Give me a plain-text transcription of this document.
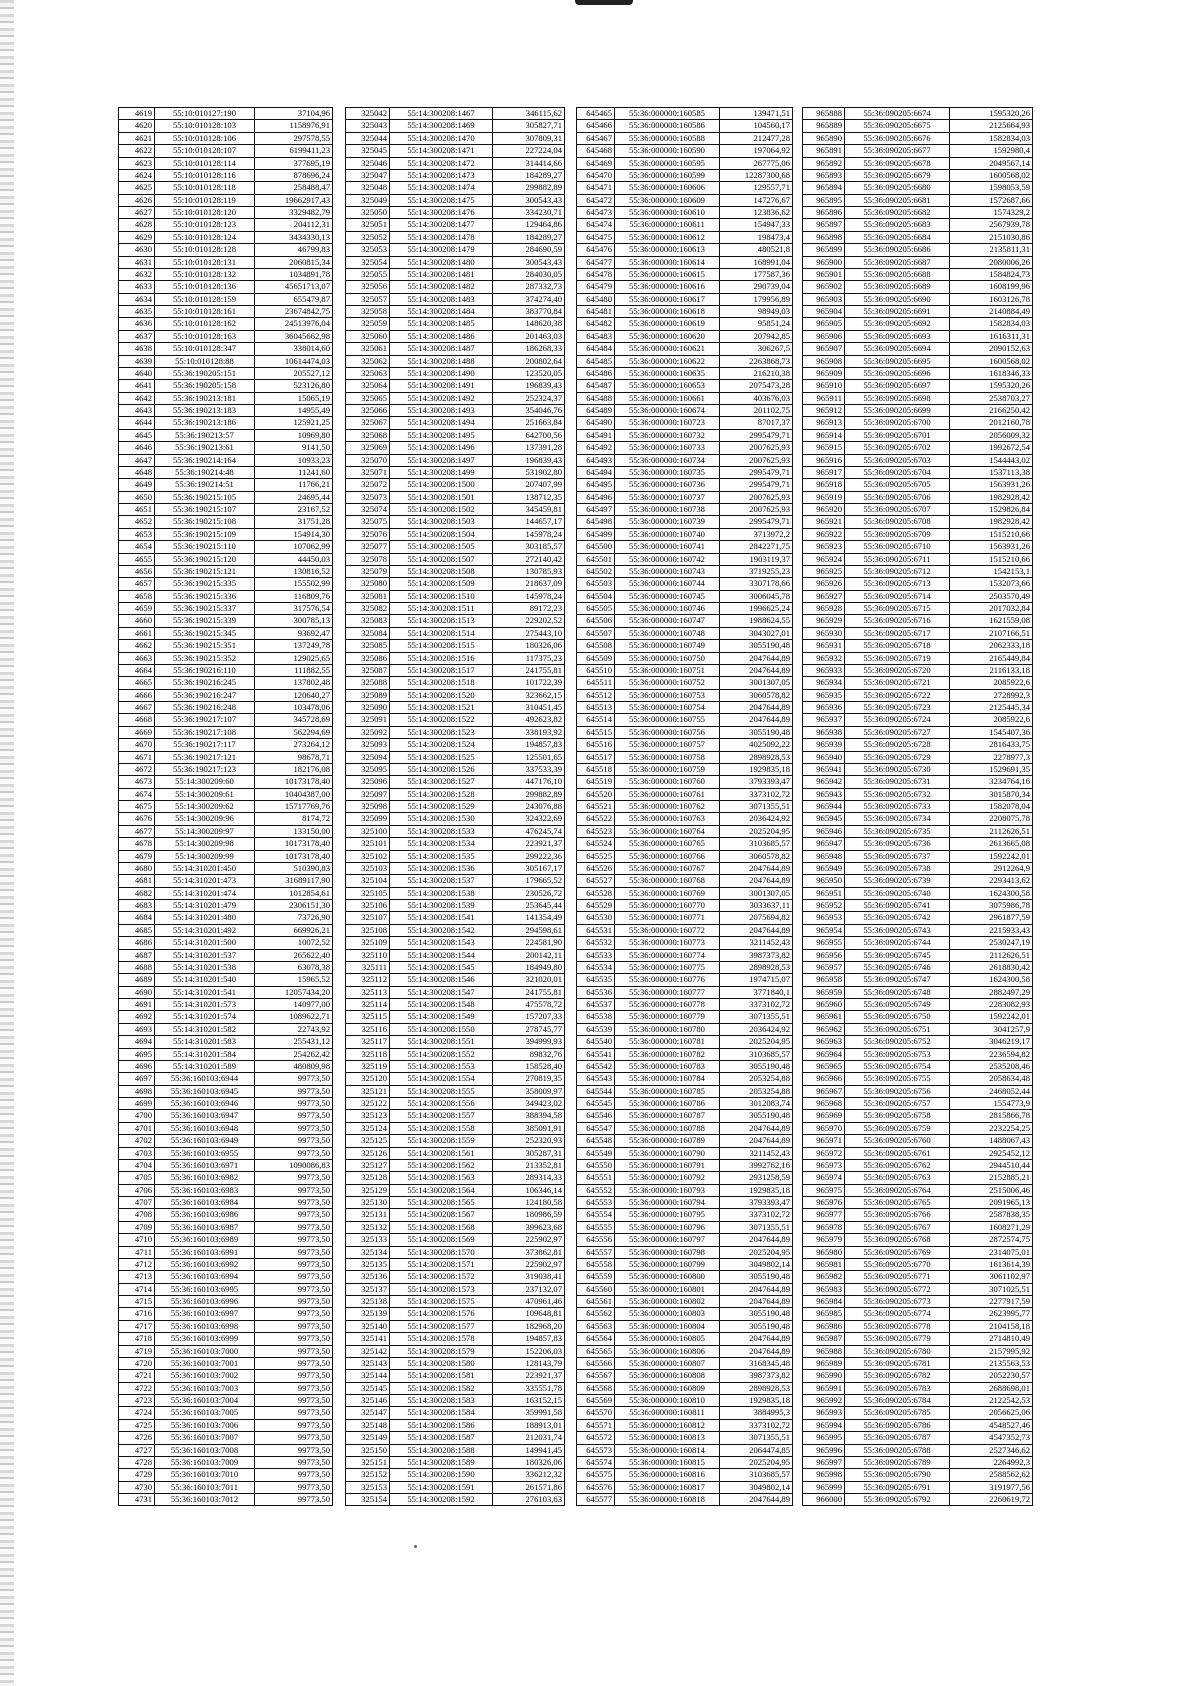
4619	55:10:010127:190	37104,96
4620	55:10:010128:103	1158976,91
4621	55:10:010128:106	297578,55
4622	55:10:010128:107	6199411,23
4623	55:10:010128:114	377695,19
4624	55:10:010128:116	878696,24
4625	55:10:010128:118	258488,47
4626	55:10:010128:119	19662917,43
4627	55:10:010128:120	3329482,79
4628	55:10:010128:123	204112,31
4629	55:10:010128:124	3434330,13
4630	55:10:010128:128	46799,83
4631	55:10:010128:131	2060815,34
4632	55:10:010128:132	1034891,78
4633	55:10:010128:136	45651713,07
4634	55:10:010128:159	655479,87
4635	55:10:010128:161	23674842,75
4636	55:10:010128:162	24513976,04
4637	55:10:010128:163	36045662,98
4638	55:10:010128:347	338014,60
4639	55:10:010128:88	10614474,03
4640	55:36:190205:151	205527,12
4641	55:36:190205:158	523126,80
4642	55:36:190213:181	15065,19
4643	55:36:190213:183	14955,49
4644	55:36:190213:186	125921,25
4645	55:36:190213:57	10969,80
4646	55:36:190213:61	9141,50
4647	55:36:190214:164	10933,23
4648	55:36:190214:48	11241,60
4649	55:36:190214:51	11766,21
4650	55:36:190215:105	24695,44
4651	55:36:190215:107	23167,52
4652	55:36:190215:108	31751,28
4653	55:36:190215:109	154914,30
4654	55:36:190215:110	107062,99
4655	55:36:190215:120	44450,03
4656	55:36:190215:121	130816,52
4657	55:36:190215:335	155502,99
4658	55:36:190215:336	116809,76
4659	55:36:190215:337	317576,54
4660	55:36:190215:339	300785,13
4661	55:36:190215:345	93692,47
4662	55:36:190215:351	137249,78
4663	55:36:190215:352	129025,65
4664	55:36:190216:110	111882,55
4665	55:36:190216:245	137802,48
4666	55:36:190216:247	120640,27
4667	55:36:190216:248	103478,06
4668	55:36:190217:107	345728,69
4669	55:36:190217:108	562294,69
4670	55:36:190217:117	273264,12
4671	55:36:190217:121	98678,71
4672	55:36:190217:123	182176,08
4673	55:14:300209:60	10173178,40
4674	55:14:300209:61	10404387,00
4675	55:14:300209:62	15717769,76
4676	55:14:300209:96	8174,72
4677	55:14:300209:97	133150,00
4678	55:14:300209:98	10173178,40
4679	55:14:300209:99	10173178,40
4680	55:14:310201:450	510390,83
4681	55:14:310201:473	31689117,90
4682	55:14:310201:474	1012854,61
4683	55:14:310201:479	2306151,30
4684	55:14:310201:480	73726,90
4685	55:14:310201:492	669926,21
4686	55:14:310201:500	10072,52
4687	55:14:310201:537	265622,40
4688	55:14:310201:538	63078,38
4689	55:14:310201:540	15965,52
4690	55:14:310201:541	12057434,20
4691	55:14:310201:573	140977,00
4692	55:14:310201:574	1089622,71
4693	55:14:310201:582	22743,92
4694	55:14:310201:583	255431,12
4695	55:14:310201:584	254262,42
4696	55:14:310201:589	480809,98
4697	55:36:160103:6944	99773,50
4698	55:36:160103:6945	99773,50
4699	55:36:160103:6946	99773,50
4700	55:36:160103:6947	99773,50
4701	55:36:160103:6948	99773,50
4702	55:36:160103:6949	99773,50
4703	55:36:160103:6955	99773,50
4704	55:36:160103:6971	1090086,83
4705	55:36:160103:6982	99773,50
4706	55:36:160103:6983	99773,50
4707	55:36:160103:6984	99773,50
4708	55:36:160103:6986	99773,50
4709	55:36:160103:6987	99773,50
4710	55:36:160103:6989	99773,50
4711	55:36:160103:6991	99773,50
4712	55:36:160103:6992	99773,50
4713	55:36:160103:6994	99773,50
4714	55:36:160103:6995	99773,50
4715	55:36:160103:6996	99773,50
4716	55:36:160103:6997	99773,50
4717	55:36:160103:6998	99773,50
4718	55:36:160103:6999	99773,50
4719	55:36:160103:7000	99773,50
4720	55:36:160103:7001	99773,50
4721	55:36:160103:7002	99773,50
4722	55:36:160103:7003	99773,50
4723	55:36:160103:7004	99773,50
4724	55:36:160103:7005	99773,50
4725	55:36:160103:7006	99773,50
4726	55:36:160103:7007	99773,50
4727	55:36:160103:7008	99773,50
4728	55:36:160103:7009	99773,50
4729	55:36:160103:7010	99773,50
4730	55:36:160103:7011	99773,50
4731	55:36:160103:7012	99773,50
325042	55:14:300208:1467	346115,62
325043	55:14:300208:1469	305827,71
325044	55:14:300208:1470	307809,31
325045	55:14:300208:1471	227224,04
325046	55:14:300208:1472	314414,66
325047	55:14:300208:1473	184289,27
325048	55:14:300208:1474	299882,89
325049	55:14:300208:1475	300543,43
325050	55:14:300208:1476	334230,71
325051	55:14:300208:1477	129464,86
325052	55:14:300208:1478	184289,27
325053	55:14:300208:1479	284690,59
325054	55:14:300208:1480	300543,43
325055	55:14:300208:1481	284030,05
325056	55:14:300208:1482	287332,73
325057	55:14:300208:1483	374274,40
325058	55:14:300208:1484	383770,84
325059	55:14:300208:1485	148620,38
325060	55:14:300208:1486	201463,03
325061	55:14:300208:1487	186268,33
325062	55:14:300208:1488	200802,64
325063	55:14:300208:1490	123520,05
325064	55:14:300208:1491	196839,43
325065	55:14:300208:1492	252324,37
325066	55:14:300208:1493	354046,76
325067	55:14:300208:1494	251663,84
325068	55:14:300208:1495	642700,56
325069	55:14:300208:1496	137391,28
325070	55:14:300208:1497	196839,43
325071	55:14:300208:1499	531902,80
325072	55:14:300208:1500	207407,99
325073	55:14:300208:1501	138712,35
325074	55:14:300208:1502	345459,81
325075	55:14:300208:1503	144657,17
325076	55:14:300208:1504	145978,24
325077	55:14:300208:1505	303185,57
325078	55:14:300208:1507	272140,42
325079	55:14:300208:1508	130785,93
325080	55:14:300208:1509	218637,09
325081	55:14:300208:1510	145978,24
325082	55:14:300208:1511	89172,23
325083	55:14:300208:1513	229202,52
325084	55:14:300208:1514	275443,10
325085	55:14:300208:1515	180326,06
325086	55:14:300208:1516	117375,23
325087	55:14:300208:1517	241755,81
325088	55:14:300208:1518	101722,39
325089	55:14:300208:1520	323662,15
325090	55:14:300208:1521	310451,45
325091	55:14:300208:1522	492623,82
325092	55:14:300208:1523	338193,92
325093	55:14:300208:1524	194857,83
325094	55:14:300208:1525	125501,65
325095	55:14:300208:1526	337533,39
325096	55:14:300208:1527	447176,10
325097	55:14:300208:1528	299882,89
325098	55:14:300208:1529	243076,88
325099	55:14:300208:1530	324322,69
325100	55:14:300208:1533	476245,74
325101	55:14:300208:1534	223921,37
325102	55:14:300208:1535	299222,36
325103	55:14:300208:1536	305167,17
325104	55:14:300208:1537	179665,52
325105	55:14:300208:1538	230526,72
325106	55:14:300208:1539	253645,44
325107	55:14:300208:1541	141354,49
325108	55:14:300208:1542	294598,61
325109	55:14:300208:1543	224581,90
325110	55:14:300208:1544	200142,11
325111	55:14:300208:1545	184949,80
325112	55:14:300208:1546	321020,01
325113	55:14:300208:1547	241755,81
325114	55:14:300208:1548	475578,72
325115	55:14:300208:1549	157207,33
325116	55:14:300208:1550	278745,77
325117	55:14:300208:1551	394999,93
325118	55:14:300208:1552	89832,76
325119	55:14:300208:1553	158528,40
325120	55:14:300208:1554	270819,35
325121	55:14:300208:1555	358009,97
325122	55:14:300208:1556	349423,02
325123	55:14:300208:1557	388394,58
325124	55:14:300208:1558	385091,91
325125	55:14:300208:1559	252320,93
325126	55:14:300208:1561	305287,31
325127	55:14:300208:1562	213352,81
325128	55:14:300208:1563	289314,33
325129	55:14:300208:1564	106346,14
325130	55:14:300208:1565	124180,58
325131	55:14:300208:1567	180986,59
325132	55:14:300208:1568	399623,68
325133	55:14:300208:1569	225902,97
325134	55:14:300208:1570	373862,81
325135	55:14:300208:1571	225902,97
325136	55:14:300208:1572	319038,41
325137	55:14:300208:1573	237132,07
325138	55:14:300208:1575	470961,46
325139	55:14:300208:1576	109648,81
325140	55:14:300208:1577	182968,20
325141	55:14:300208:1578	194857,83
325142	55:14:300208:1579	152206,03
325143	55:14:300208:1580	128143,79
325144	55:14:300208:1581	223921,37
325145	55:14:300208:1582	335551,78
325146	55:14:300208:1583	163152,15
325147	55:14:300208:1584	359991,58
325148	55:14:300208:1586	188913,01
325149	55:14:300208:1587	212031,74
325150	55:14:300208:1588	149941,45
325151	55:14:300208:1589	180326,06
325152	55:14:300208:1590	336212,32
325153	55:14:300208:1591	261571,86
325154	55:14:300208:1592	276103,63
645465	55:36:000000:160585	139471,51
645466	55:36:000000:160586	104560,17
645467	55:36:000000:160588	212477,28
645468	55:36:000000:160590	197064,92
645469	55:36:000000:160595	267775,06
645470	55:36:000000:160599	12287300,68
645471	55:36:000000:160606	129557,71
645472	55:36:000000:160609	147276,67
645473	55:36:000000:160610	123836,62
645474	55:36:000000:160611	154947,33
645475	55:36:000000:160612	198473,4
645476	55:36:000000:160613	480521,8
645477	55:36:000000:160614	168991,04
645478	55:36:000000:160615	177587,36
645479	55:36:000000:160616	290739,04
645480	55:36:000000:160617	179956,89
645481	55:36:000000:160618	98949,03
645482	55:36:000000:160619	95851,24
645483	55:36:000000:160620	207942,85
645484	55:36:000000:160621	306267,5
645485	55:36:000000:160622	2263868,73
645486	55:36:000000:160635	216210,38
645487	55:36:000000:160653	2075473,28
645488	55:36:000000:160661	403676,03
645489	55:36:000000:160674	201102,75
645490	55:36:000000:160723	87017,37
645491	55:36:000000:160732	2995479,71
645492	55:36:000000:160733	2007625,93
645493	55:36:000000:160734	2007625,93
645494	55:36:000000:160735	2995479,71
645495	55:36:000000:160736	2995479,71
645496	55:36:000000:160737	2007625,93
645497	55:36:000000:160738	2007625,93
645498	55:36:000000:160739	2995479,71
645499	55:36:000000:160740	3713972,2
645500	55:36:000000:160741	2842271,75
645501	55:36:000000:160742	1903119,37
645502	55:36:000000:160743	3719255,23
645503	55:36:000000:160744	3307178,66
645504	55:36:000000:160745	3006045,78
645505	55:36:000000:160746	1996625,24
645506	55:36:000000:160747	1988624,55
645507	55:36:000000:160748	3043027,01
645508	55:36:000000:160749	3055190,48
645509	55:36:000000:160750	2047644,89
645510	55:36:000000:160751	2047644,89
645511	55:36:000000:160752	3001307,05
645512	55:36:000000:160753	3060578,82
645513	55:36:000000:160754	2047644,89
645514	55:36:000000:160755	2047644,89
645515	55:36:000000:160756	3055190,48
645516	55:36:000000:160757	4025092,22
645517	55:36:000000:160758	2898928,53
645518	55:36:000000:160759	1929835,18
645519	55:36:000000:160760	3793393,47
645520	55:36:000000:160761	3373102,72
645521	55:36:000000:160762	3071355,51
645522	55:36:000000:160763	2036424,92
645523	55:36:000000:160764	2025204,95
645524	55:36:000000:160765	3103685,57
645525	55:36:000000:160766	3060578,82
645526	55:36:000000:160767	2047644,89
645527	55:36:000000:160768	2047644,89
645528	55:36:000000:160769	3001307,05
645529	55:36:000000:160770	3033637,11
645530	55:36:000000:160771	2075694,82
645531	55:36:000000:160772	2047644,89
645532	55:36:000000:160773	3211452,43
645533	55:36:000000:160774	3987373,82
645534	55:36:000000:160775	2898928,53
645535	55:36:000000:160776	1974715,07
645536	55:36:000000:160777	3771840,1
645537	55:36:000000:160778	3373102,72
645538	55:36:000000:160779	3071355,51
645539	55:36:000000:160780	2036424,92
645540	55:36:000000:160781	2025204,95
645541	55:36:000000:160782	3103685,57
645542	55:36:000000:160783	3055190,48
645543	55:36:000000:160784	2053254,88
645544	55:36:000000:160785	2053254,88
645545	55:36:000000:160786	3012083,74
645546	55:36:000000:160787	3055190,48
645547	55:36:000000:160788	2047644,89
645548	55:36:000000:160789	2047644,89
645549	55:36:000000:160790	3211452,43
645550	55:36:000000:160791	3992762,16
645551	55:36:000000:160792	2931258,59
645552	55:36:000000:160793	1929835,18
645553	55:36:000000:160794	3793393,47
645554	55:36:000000:160795	3373102,72
645555	55:36:000000:160796	3071355,51
645556	55:36:000000:160797	2047644,89
645557	55:36:000000:160798	2025204,95
645558	55:36:000000:160799	3049802,14
645559	55:36:000000:160800	3055190,48
645560	55:36:000000:160801	2047644,89
645561	55:36:000000:160802	2047644,89
645562	55:36:000000:160803	3055190,48
645563	55:36:000000:160804	3055190,48
645564	55:36:000000:160805	2047644,89
645565	55:36:000000:160806	2047644,89
645566	55:36:000000:160807	3168345,48
645567	55:36:000000:160808	3987373,82
645568	55:36:000000:160809	2898928,53
645569	55:36:000000:160810	1929835,18
645570	55:36:000000:160811	3884995,3
645571	55:36:000000:160812	3373102,72
645572	55:36:000000:160813	3071355,51
645573	55:36:000000:160814	2064474,85
645574	55:36:000000:160815	2025204,95
645575	55:36:000000:160816	3103685,57
645576	55:36:000000:160817	3049802,14
645577	55:36:000000:160818	2047644,89
965888	55:36:090205:6674	1595320,26
965889	55:36:090205:6675	2125664,93
965890	55:36:090205:6676	1582834,03
965891	55:36:090205:6677	1592980,4
965892	55:36:090205:6678	2049567,14
965893	55:36:090205:6679	1600568,02
965894	55:36:090205:6680	1598053,59
965895	55:36:090205:6681	1572687,66
965896	55:36:090205:6682	1574329,2
965897	55:36:090205:6683	2567939,78
965898	55:36:090205:6684	2151030,86
965899	55:36:090205:6686	2135811,31
965900	55:36:090205:6687	2080006,26
965901	55:36:090205:6688	1584824,73
965902	55:36:090205:6689	1608199,96
965903	55:36:090205:6690	1603126,78
965904	55:36:090205:6691	2140884,49
965905	55:36:090205:6692	1582834,03
965906	55:36:090205:6693	1616311,31
965907	55:36:090205:6694	2090152,63
965908	55:36:090205:6695	1600568,02
965909	55:36:090205:6696	1618346,33
965910	55:36:090205:6697	1595320,26
965911	55:36:090205:6698	2538703,27
965912	55:36:090205:6699	2166250,42
965913	55:36:090205:6700	2012160,78
965914	55:36:090205:6701	2056009,32
965915	55:36:090205:6702	1992672,54
965916	55:36:090205:6703	1544443,02
965917	55:36:090205:6704	1537113,38
965918	55:36:090205:6705	1563931,26
965919	55:36:090205:6706	1982928,42
965920	55:36:090205:6707	1529826,84
965921	55:36:090205:6708	1982928,42
965922	55:36:090205:6709	1515210,66
965923	55:36:090205:6710	1563931,26
965924	55:36:090205:6711	1515210,66
965925	55:36:090205:6712	1542153,1
965926	55:36:090205:6713	1532073,66
965927	55:36:090205:6714	2503570,49
965928	55:36:090205:6715	2017032,84
965929	55:36:090205:6716	1621559,08
965930	55:36:090205:6717	2107166,51
965931	55:36:090205:6718	2062333,18
965932	55:36:090205:6719	2165449,84
965933	55:36:090205:6720	2116133,18
965934	55:36:090205:6721	2085922,6
965935	55:36:090205:6722	2728992,3
965936	55:36:090205:6723	2125445,34
965937	55:36:090205:6724	2085922,6
965938	55:36:090205:6727	1545407,36
965939	55:36:090205:6728	2816433,75
965940	55:36:090205:6729	2278977,3
965941	55:36:090205:6730	1529691,35
965942	55:36:090205:6731	3234764,16
965943	55:36:090205:6732	3015870,34
965944	55:36:090205:6733	1582078,04
965945	55:36:090205:6734	2208075,78
965946	55:36:090205:6735	2112626,51
965947	55:36:090205:6736	2613665,08
965948	55:36:090205:6737	1592242,01
965949	55:36:090205:6738	2912264,9
965950	55:36:090205:6739	2293413,62
965951	55:36:090205:6740	1624300,58
965952	55:36:090205:6741	3075986,78
965953	55:36:090205:6742	2961877,59
965954	55:36:090205:6743	2215933,43
965955	55:36:090205:6744	2530247,19
965956	55:36:090205:6745	2112626,51
965957	55:36:090205:6746	2618830,42
965958	55:36:090205:6747	1624300,58
965959	55:36:090205:6748	2882497,29
965960	55:36:090205:6749	2283082,93
965961	55:36:090205:6750	1592242,01
965962	55:36:090205:6751	3041257,9
965963	55:36:090205:6752	3046219,17
965964	55:36:090205:6753	2236594,82
965965	55:36:090205:6754	2535208,46
965966	55:36:090205:6755	2058634,48
965967	55:36:090205:6756	2468052,44
965968	55:36:090205:6757	1554773,9
965969	55:36:090205:6758	2815866,78
965970	55:36:090205:6759	2232254,25
965971	55:36:090205:6760	1488067,43
965972	55:36:090205:6761	2925452,12
965973	55:36:090205:6762	2944510,44
965974	55:36:090205:6763	2152885,21
965975	55:36:090205:6764	2515006,46
965976	55:36:090205:6765	2091965,13
965977	55:36:090205:6766	2587838,35
965978	55:36:090205:6767	1608271,29
965979	55:36:090205:6768	2872574,75
965980	55:36:090205:6769	2314075,01
965981	55:36:090205:6770	1613614,39
965982	55:36:090205:6771	3061102,97
965983	55:36:090205:6772	3071025,51
965984	55:36:090205:6773	2277917,59
965985	55:36:090205:6774	2623995,77
965986	55:36:090205:6778	2104158,18
965987	55:36:090205:6779	2714810,49
965988	55:36:090205:6780	2157995,92
965989	55:36:090205:6781	2135563,53
965990	55:36:090205:6782	2052230,57
965991	55:36:090205:6783	2688698,01
965992	55:36:090205:6784	2122542,53
965993	55:36:090205:6785	2056625,06
965994	55:36:090205:6786	4548527,46
965995	55:36:090205:6787	4547352,73
965996	55:36:090205:6788	2527346,62
965997	55:36:090205:6789	2264992,3
965998	55:36:090205:6790	2588562,62
965999	55:36:090205:6791	3191977,56
966000	55:36:090205:6792	2260619,72
